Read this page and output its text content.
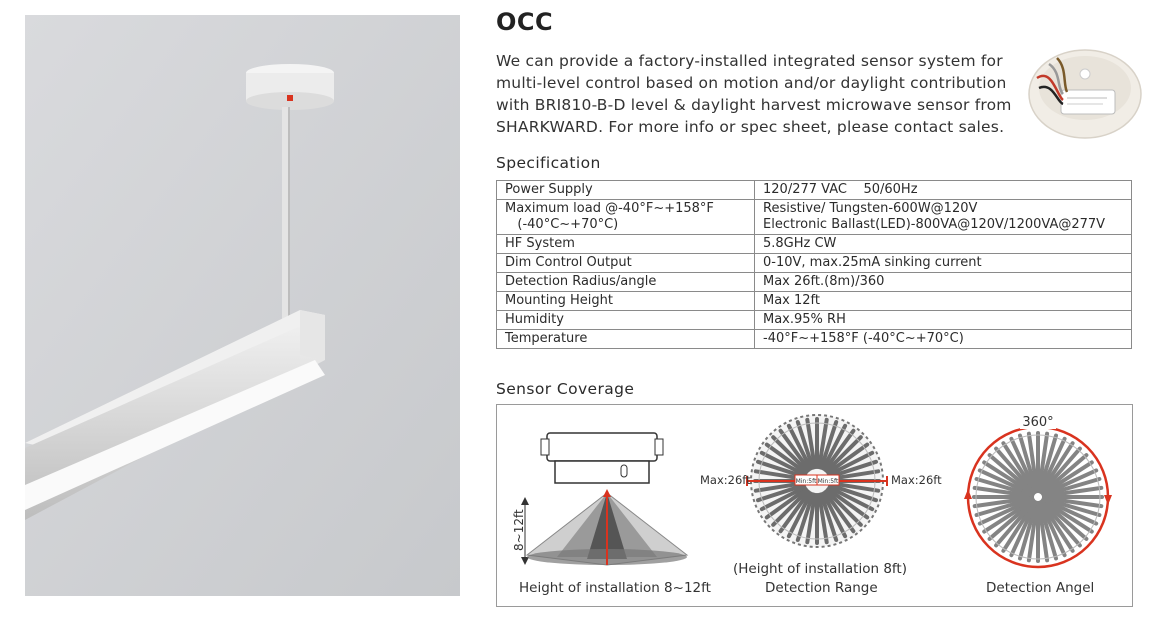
OCC

We can provide a factory-installed integrated sensor system for
multi-level control based on motion and/or daylight contribution
with BRI810-B-D level & daylight harvest microwave sensor from
SHARKWARD. For more info or spec sheet, please contact sales.

Specification
Power Supply	120/277 VAC    50/60Hz
Maximum load @-40°F~+158°F
(-40°C~+70°C)	Resistive/ Tungsten-600W@120V
Electronic Ballast(LED)-800VA@120V/1200VA@277V
HF System	5.8GHz CW
Dim Control Output	0-10V, max.25mA sinking current
Detection Radius/angle	Max 26ft.(8m)/360
Mounting Height	Max 12ft
Humidity	Max.95% RH
Temperature	-40°F~+158°F (-40°C~+70°C)
Sensor Coverage
8~12ft
Min:5ft Min:5ft
Max:26ft	Max:26ft
360°
Height of installation 8~12ft
(Height of installation 8ft)
Detection Range	Detection Angel
